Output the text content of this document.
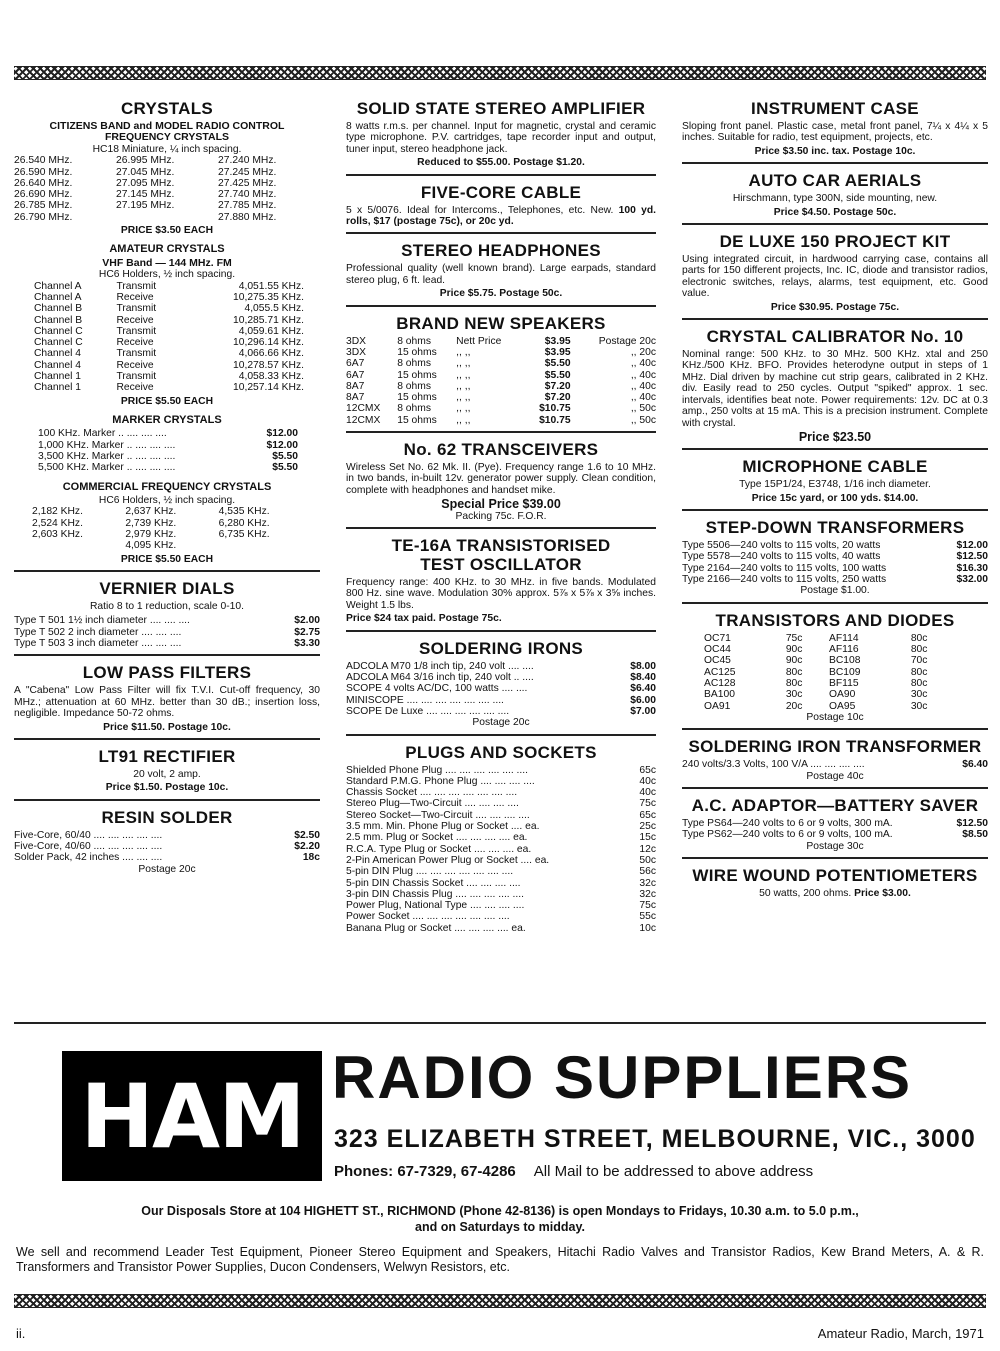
CRYSTALS
CITIZENS BAND and MODEL RADIO CONTROL
FREQUENCY CRYSTALS
HC18 Miniature, ¼ inch spacing.
26.540 MHz.	26.995 MHz.	27.240 MHz.
26.590 MHz.	27.045 MHz.	27.245 MHz.
26.640 MHz.	27.095 MHz.	27.425 MHz.
26.690 MHz.	27.145 MHz.	27.740 MHz.
26.785 MHz.	27.195 MHz.	27.785 MHz.
26.790 MHz.		27.880 MHz.
PRICE $3.50 EACH
AMATEUR CRYSTALS
VHF Band — 144 MHz. FM
HC6 Holders, ½ inch spacing.
Channel A	Transmit	4,051.55 KHz.
Channel A	Receive	10,275.35 KHz.
Channel B	Transmit	4,055.5 KHz.
Channel B	Receive	10,285.71 KHz.
Channel C	Transmit	4,059.61 KHz.
Channel C	Receive	10,296.14 KHz.
Channel 4	Transmit	4,066.66 KHz.
Channel 4	Receive	10,278.57 KHz.
Channel 1	Transmit	4,058.33 KHz.
Channel 1	Receive	10,257.14 KHz.
PRICE $5.50 EACH
MARKER CRYSTALS
100 KHz. Marker .. .... .... ....	$12.00
1,000 KHz. Marker .. .... .... ....	$12.00
3,500 KHz. Marker .. .... .... ....	$5.50
5,500 KHz. Marker .. .... .... ....	$5.50
COMMERCIAL FREQUENCY CRYSTALS
HC6 Holders, ½ inch spacing.
2,182 KHz.	2,637 KHz.	4,535 KHz.
2,524 KHz.	2,739 KHz.	6,280 KHz.
2,603 KHz.	2,979 KHz.	6,735 KHz.
	4,095 KHz.	
PRICE $5.50 EACH
VERNIER DIALS
Ratio 8 to 1 reduction, scale 0-10.
Type T 501 1½ inch diameter .... .... ....	$2.00
Type T 502 2 inch diameter .... .... ....	$2.75
Type T 503 3 inch diameter .... .... ....	$3.30
LOW PASS FILTERS
A "Cabena" Low Pass Filter will fix T.V.I. Cut-off frequency, 30 MHz.; attenuation at 60 MHz. better than 30 dB.; insertion loss, negligible. Impedance 50-72 ohms.
Price $11.50. Postage 10c.
LT91 RECTIFIER
20 volt, 2 amp.
Price $1.50. Postage 10c.
RESIN SOLDER
Five-Core, 60/40 .... .... .... .... ....	$2.50
Five-Core, 40/60 .... .... .... .... ....	$2.20
Solder Pack, 42 inches .... .... ....	18c
Postage 20c
SOLID STATE STEREO AMPLIFIER
8 watts r.m.s. per channel. Input for magnetic, crystal and ceramic type microphone. P.V. cartridges, tape recorder input and output, tuner input, stereo headphone jack.
Reduced to $55.00. Postage $1.20.
FIVE-CORE CABLE
5 x 5/0076. Ideal for Intercoms., Telephones, etc. New. 100 yd. rolls, $17 (postage 75c), or 20c yd.
STEREO HEADPHONES
Professional quality (well known brand). Large earpads, standard stereo plug, 6 ft. lead.
Price $5.75. Postage 50c.
BRAND NEW SPEAKERS
3DX	8 ohms	Nett Price	$3.95	Postage 20c
3DX	15 ohms	,, ,,	$3.95	,, 20c
6A7	8 ohms	,, ,,	$5.50	,, 40c
6A7	15 ohms	,, ,,	$5.50	,, 40c
8A7	8 ohms	,, ,,	$7.20	,, 40c
8A7	15 ohms	,, ,,	$7.20	,, 40c
12CMX	8 ohms	,, ,,	$10.75	,, 50c
12CMX	15 ohms	,, ,,	$10.75	,, 50c
No. 62 TRANSCEIVERS
Wireless Set No. 62 Mk. II. (Pye). Frequency range 1.6 to 10 MHz. in two bands, in-built 12v. generator power supply. Clean condition, complete with headphones and handset mike.
Special Price $39.00
Packing 75c. F.O.R.
TE-16A TRANSISTORISED
TEST OSCILLATOR
Frequency range: 400 KHz. to 30 MHz. in five bands. Modulated 800 Hz. sine wave. Modulation 30% approx. 5⅞ x 5⅞ x 3⅝ inches. Weight 1.5 lbs.
Price $24 tax paid. Postage 75c.
SOLDERING IRONS
ADCOLA M70 1/8 inch tip, 240 volt .... ....	$8.00
ADCOLA M64 3/16 inch tip, 240 volt .. ....	$8.40
SCOPE 4 volts AC/DC, 100 watts .... ....	$6.40
MINISCOPE .... .... .... .... .... .... ....	$6.00
SCOPE De Luxe .... .... .... .... .... ....	$7.00
Postage 20c
PLUGS AND SOCKETS
Shielded Phone Plug .... .... .... .... .... ....	65c
Standard P.M.G. Phone Plug .... .... .... ....	40c
Chassis Socket .... .... .... .... .... .... ....	40c
Stereo Plug—Two-Circuit .... .... .... ....	75c
Stereo Socket—Two-Circuit .... .... .... ....	65c
3.5 mm. Min. Phone Plug or Socket .... ea.	25c
2.5 mm. Plug or Socket .... .... .... .... ea.	15c
R.C.A. Type Plug or Socket .... .... .... ea.	12c
2-Pin American Power Plug or Socket .... ea.	50c
5-pin DIN Plug .... .... .... .... .... .... ....	56c
5-pin DIN Chassis Socket .... .... .... ....	32c
3-pin DIN Chassis Plug .... .... .... .... ....	32c
Power Plug, National Type .... .... .... ....	75c
Power Socket .... .... .... .... .... .... ....	55c
Banana Plug or Socket .... .... .... .... ea.	10c
INSTRUMENT CASE
Sloping front panel. Plastic case, metal front panel, 7¼ x 4¼ x 5 inches. Suitable for radio, test equipment, projects, etc.
Price $3.50 inc. tax. Postage 10c.
AUTO CAR AERIALS
Hirschmann, type 300N, side mounting, new.
Price $4.50. Postage 50c.
DE LUXE 150 PROJECT KIT
Using integrated circuit, in hardwood carrying case, contains all parts for 150 different projects, Inc. IC, diode and transistor radios, electronic switches, relays, alarms, test equipment, etc. Good value.
Price $30.95. Postage 75c.
CRYSTAL CALIBRATOR No. 10
Nominal range: 500 KHz. to 30 MHz. 500 KHz. xtal and 250 KHz./500 KHz. BFO. Provides heterodyne output in steps of 1 MHz. Dial driven by machine cut strip gears, calibrated in 2 KHz. div. Easily read to 250 cycles. Output "spiked" approx. 1 sec. intervals, identifies beat note. Power requirements: 12v. DC at 0.3 amp., 250 volts at 15 mA. This is a precision instrument. Complete with crystal.
Price $23.50
MICROPHONE CABLE
Type 15P1/24, E3748, 1/16 inch diameter.
Price 15c yard, or 100 yds. $14.00.
STEP-DOWN TRANSFORMERS
Type 5506—240 volts to 115 volts, 20 watts	$12.00
Type 5578—240 volts to 115 volts, 40 watts	$12.50
Type 2164—240 volts to 115 volts, 100 watts	$16.30
Type 2166—240 volts to 115 volts, 250 watts	$32.00
Postage $1.00.
TRANSISTORS AND DIODES
OC71	75c	AF114	80c
OC44	90c	AF116	80c
OC45	90c	BC108	70c
AC125	80c	BC109	80c
AC128	80c	BF115	80c
BA100	30c	OA90	30c
OA91	20c	OA95	30c
Postage 10c
SOLDERING IRON TRANSFORMER
240 volts/3.3 Volts, 100 V/A .... .... .... ....	$6.40
Postage 40c
A.C. ADAPTOR—BATTERY SAVER
Type PS64—240 volts to 6 or 9 volts, 300 mA.	$12.50
Type PS62—240 volts to 6 or 9 volts, 100 mA.	$8.50
Postage 30c
WIRE WOUND POTENTIOMETERS
50 watts, 200 ohms. Price $3.00.
HAM RADIO SUPPLIERS
323 ELIZABETH STREET, MELBOURNE, VIC., 3000
Phones: 67-7329, 67-4286 All Mail to be addressed to above address
Our Disposals Store at 104 HIGHETT ST., RICHMOND (Phone 42-8136) is open Mondays to Fridays, 10.30 a.m. to 5.0 p.m.,
and on Saturdays to midday.
We sell and recommend Leader Test Equipment, Pioneer Stereo Equipment and Speakers, Hitachi Radio Valves and Transistor Radios, Kew Brand Meters, A. & R. Transformers and Transistor Power Supplies, Ducon Condensers, Welwyn Resistors, etc.
ii.	Amateur Radio, March, 1971
